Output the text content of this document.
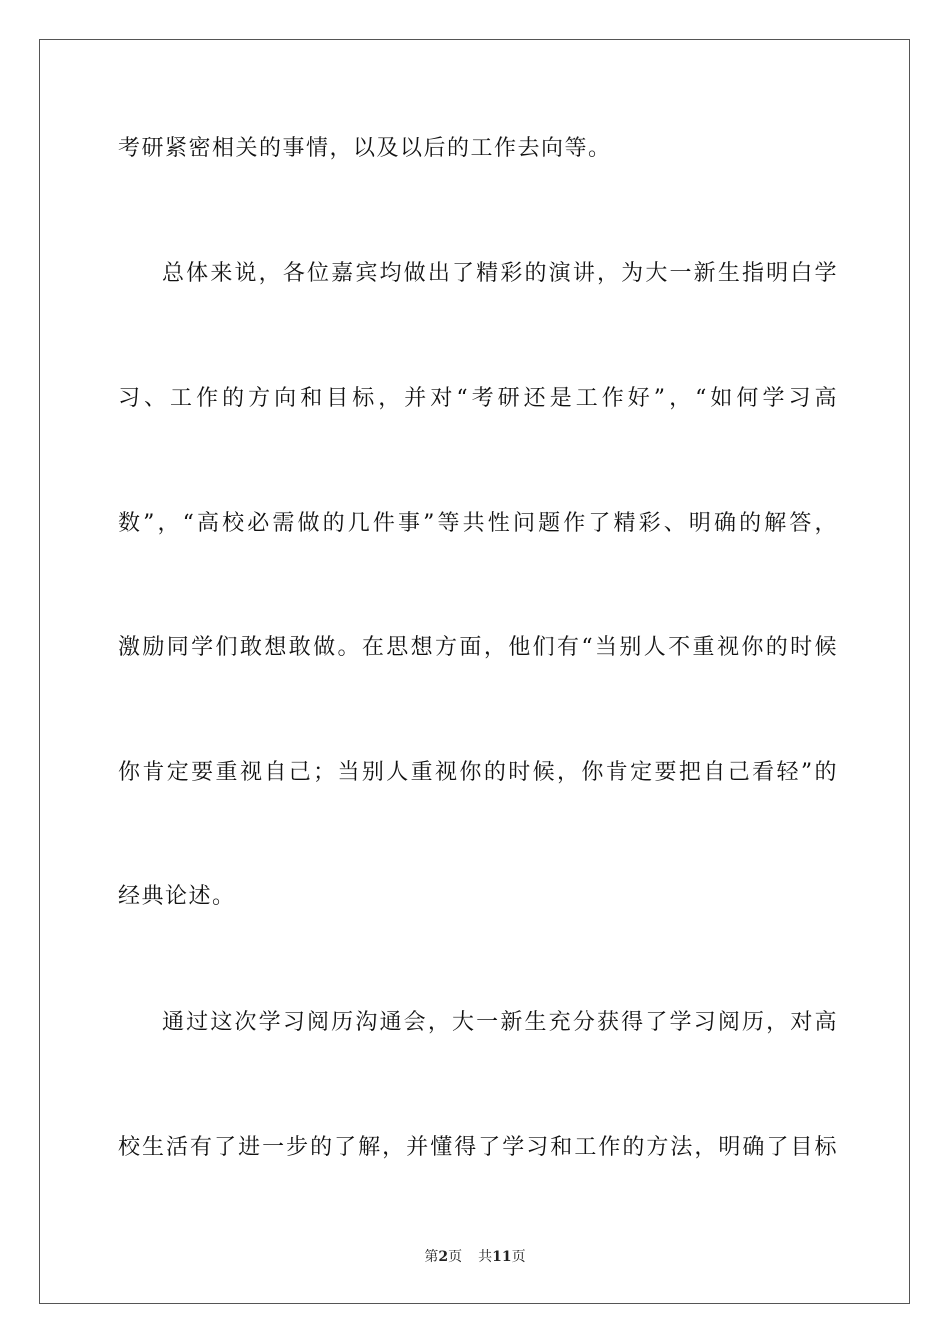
考研紧密相关的事情，以及以后的工作去向等。
总体来说，各位嘉宾均做出了精彩的演讲，为大一新生指明白学
习、工作的方向和目标，并对“考研还是工作好”，“如何学习高
数”，“高校必需做的几件事”等共性问题作了精彩、明确的解答，
激励同学们敢想敢做。在思想方面，他们有“当别人不重视你的时候
你肯定要重视自己；当别人重视你的时候，你肯定要把自己看轻”的
经典论述。
通过这次学习阅历沟通会，大一新生充分获得了学习阅历，对高
校生活有了进一步的了解，并懂得了学习和工作的方法，明确了目标
第2页 共11页
